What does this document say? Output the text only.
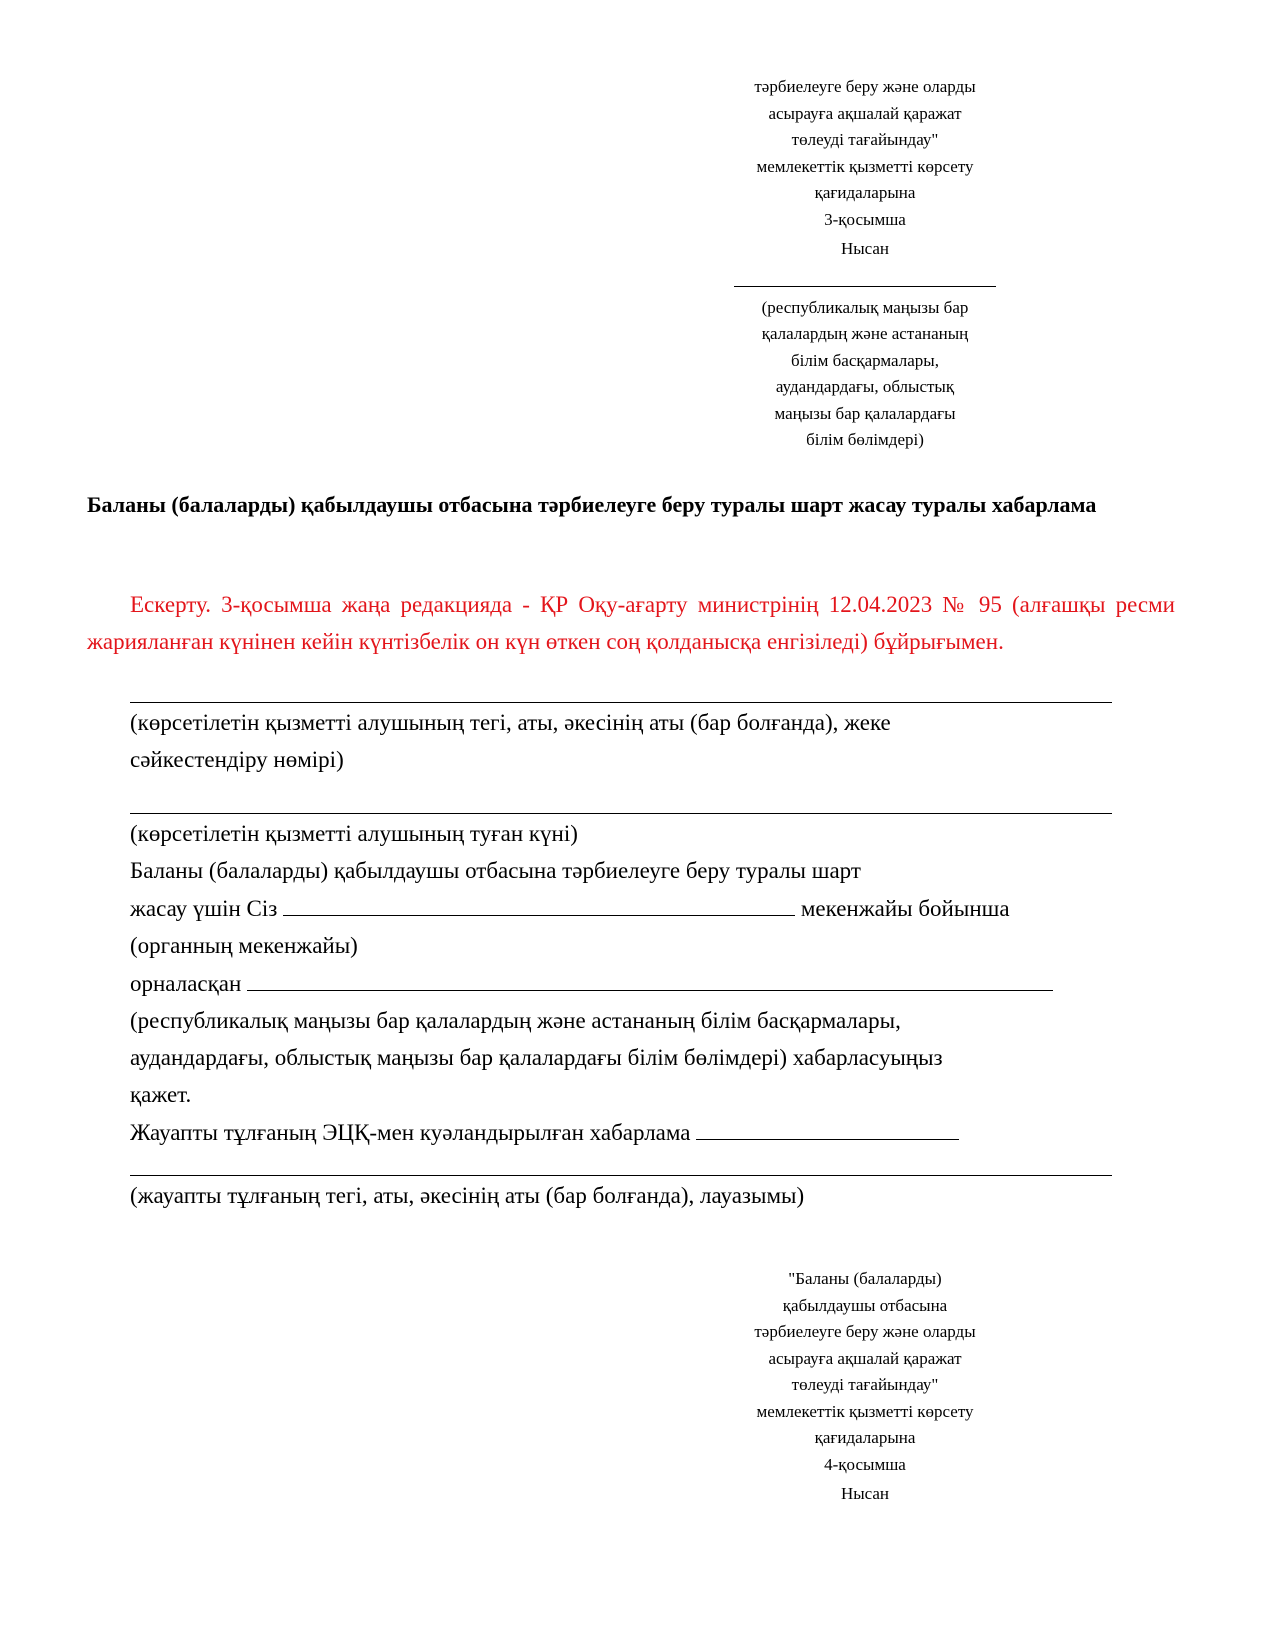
тәрбиелеуге беру және оларды
асырауға ақшалай қаражат
төлеуді тағайындау"
мемлекеттік қызметті көрсету
қағидаларына
3-қосымша
Нысан
(республикалық маңызы бар
қалалардың және астананың
білім басқармалары,
аудандардағы, облыстық
маңызы бар қалалардағы
білім бөлімдері)
Баланы (балаларды) қабылдаушы отбасына тәрбиелеуге беру туралы шарт жасау туралы хабарлама
Ескерту. 3-қосымша жаңа редакцияда - ҚР Оқу-ағарту министрінің 12.04.2023 № 95 (алғашқы ресми жарияланған күнінен кейін күнтізбелік он күн өткен соң қолданысқа енгізіледі) бұйрығымен.
(көрсетілетін қызметті алушының тегі, аты, әкесінің аты (бар болғанда), жеке
сәйкестендіру нөмірі)
(көрсетілетін қызметті алушының туған күні)
Баланы (балаларды) қабылдаушы отбасына тәрбиелеуге беру туралы шарт
жасау үшін Сіз	мекенжайы бойынша
(органның мекенжайы)
орналасқан
(республикалық маңызы бар қалалардың және астананың білім басқармалары,
аудандардағы, облыстық маңызы бар қалалардағы білім бөлімдері) хабарласуыңыз
қажет.
Жауапты тұлғаның ЭЦҚ-мен куәландырылған хабарлама
(жауапты тұлғаның тегі, аты, әкесінің аты (бар болғанда), лауазымы)
"Баланы (балаларды)
қабылдаушы отбасына
тәрбиелеуге беру және оларды
асырауға ақшалай қаражат
төлеуді тағайындау"
мемлекеттік қызметті көрсету
қағидаларына
4-қосымша
Нысан
